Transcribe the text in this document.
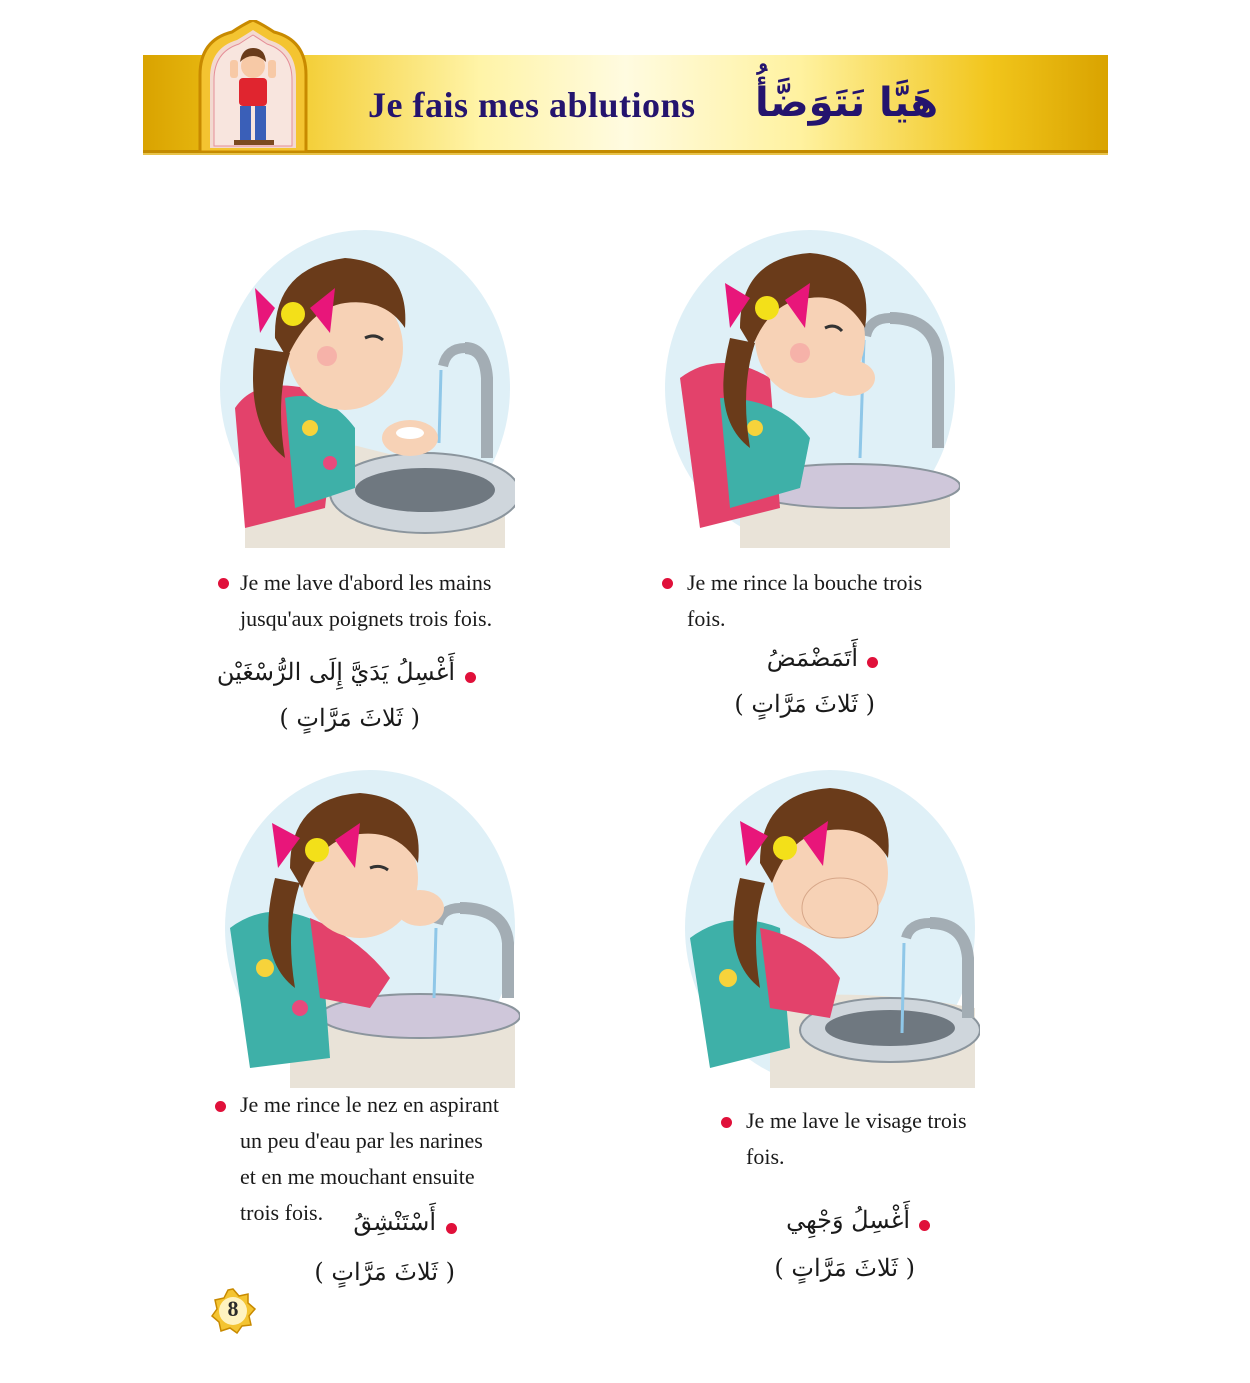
Je fais mes ablutions هَيَّا نَتَوَضَّأُ
Je me lave d'abord les mains
jusqu'aux poignets trois fois.
أَغْسِلُ يَدَيَّ إِلَى الرُّسْغَيْن
( ثَلاثَ مَرَّاتٍ )
Je me rince la bouche trois
fois.
أَتَمَضْمَضُ
( ثَلاثَ مَرَّاتٍ )
Je me rince le nez en aspirant
un peu d'eau par les narines
et en me mouchant ensuite
trois fois. أَسْتَنْشِقُ
( ثَلاثَ مَرَّاتٍ )
Je me lave le visage trois
fois.
أَغْسِلُ وَجْهِي
( ثَلاثَ مَرَّاتٍ )
8
